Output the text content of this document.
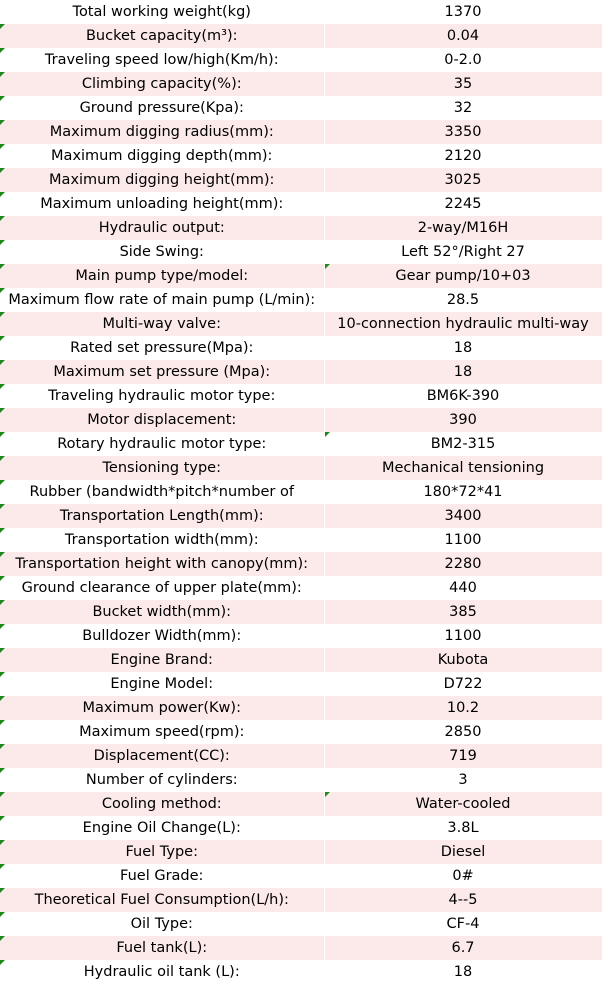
Total working weight(kg)	1370
Bucket capacity(m³):	0.04
Traveling speed low/high(Km/h):	0-2.0
Climbing capacity(%):	35
Ground pressure(Kpa):	32
Maximum digging radius(mm):	3350
Maximum digging depth(mm):	2120
Maximum digging height(mm):	3025
Maximum unloading height(mm):	2245
Hydraulic output:	2-way/M16H
Side Swing:	Left 52°/Right 27
Main pump type/model:	Gear pump/10+03
Maximum flow rate of main pump (L/min):	28.5
Multi-way valve:	10-connection hydraulic multi-way
Rated set pressure(Mpa):	18
Maximum set pressure (Mpa):	18
Traveling hydraulic motor type:	BM6K-390
Motor displacement:	390
Rotary hydraulic motor type:	BM2-315
Tensioning type:	Mechanical tensioning
Rubber (bandwidth*pitch*number of	180*72*41
Transportation Length(mm):	3400
Transportation width(mm):	1100
Transportation height with canopy(mm):	2280
Ground clearance of upper plate(mm):	440
Bucket width(mm):	385
Bulldozer Width(mm):	1100
Engine Brand:	Kubota
Engine Model:	D722
Maximum power(Kw):	10.2
Maximum speed(rpm):	2850
Displacement(CC):	719
Number of cylinders:	3
Cooling method:	Water-cooled
Engine Oil Change(L):	3.8L
Fuel Type:	Diesel
Fuel Grade:	0#
Theoretical Fuel Consumption(L/h):	4--5
Oil Type:	CF-4
Fuel tank(L):	6.7
Hydraulic oil tank (L):	18
